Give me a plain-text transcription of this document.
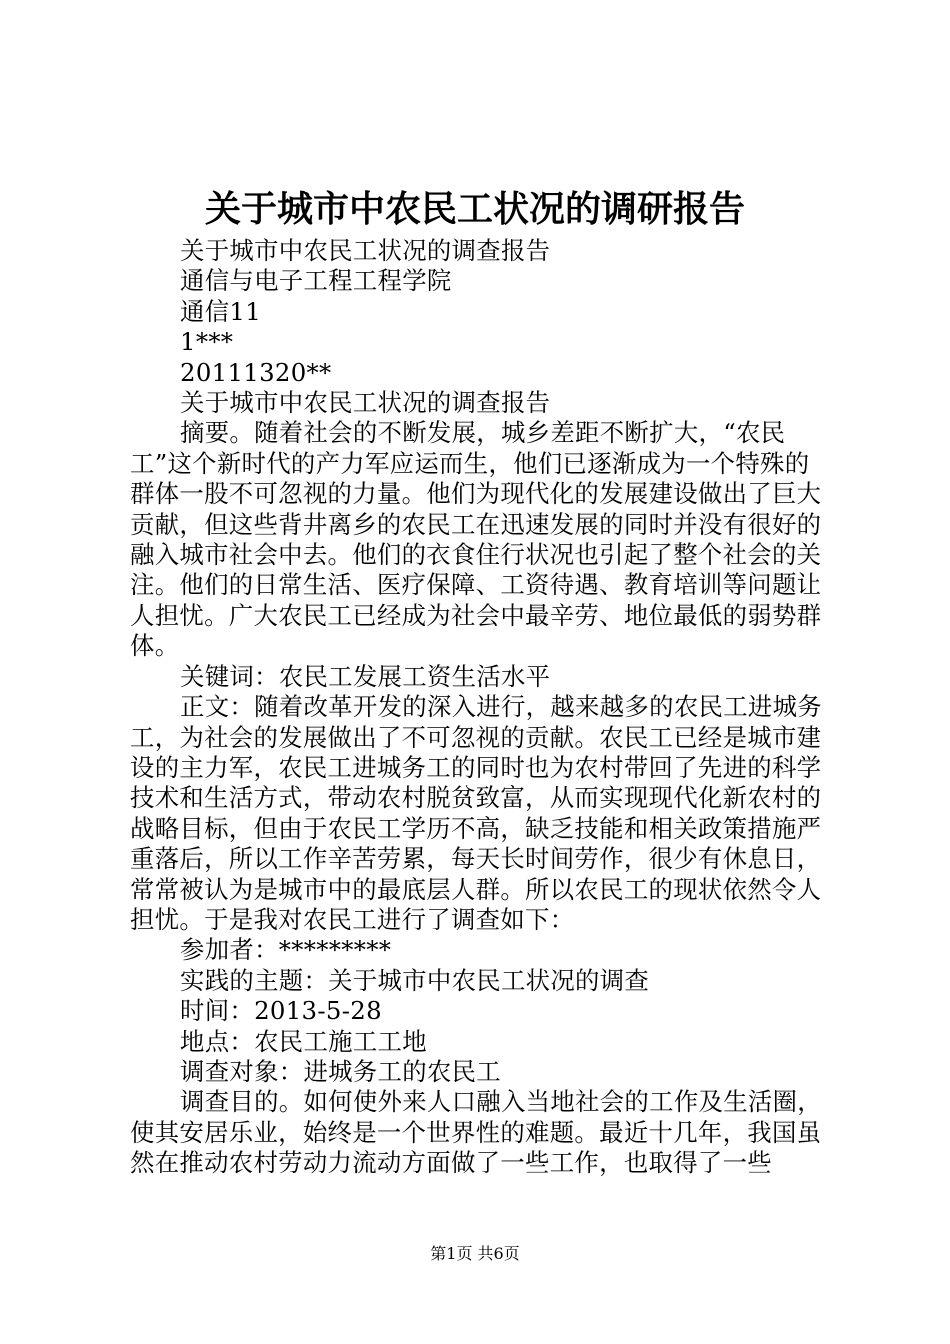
关于城市中农民工状况的调研报告

关于城市中农民工状况的调查报告

通信与电子工程工程学院

通信11

1***

20111320**

关于城市中农民工状况的调查报告

摘要。随着社会的不断发展，城乡差距不断扩大，“农民工”这个新时代的产力军应运而生，他们已逐渐成为一个特殊的群体一股不可忽视的力量。他们为现代化的发展建设做出了巨大贡献，但这些背井离乡的农民工在迅速发展的同时并没有很好的融入城市社会中去。他们的衣食住行状况也引起了整个社会的关注。他们的日常生活、医疗保障、工资待遇、教育培训等问题让人担忧。广大农民工已经成为社会中最辛劳、地位最低的弱势群体。

关键词：农民工发展工资生活水平

正文：随着改革开发的深入进行，越来越多的农民工进城务工，为社会的发展做出了不可忽视的贡献。农民工已经是城市建设的主力军，农民工进城务工的同时也为农村带回了先进的科学技术和生活方式，带动农村脱贫致富，从而实现现代化新农村的战略目标，但由于农民工学历不高，缺乏技能和相关政策措施严重落后，所以工作辛苦劳累，每天长时间劳作，很少有休息日，常常被认为是城市中的最底层人群。所以农民工的现状依然令人担忧。于是我对农民工进行了调查如下：

参加者：*********

实践的主题：关于城市中农民工状况的调查

时间：2013-5-28

地点：农民工施工工地

调查对象：进城务工的农民工

调查目的。如何使外来人口融入当地社会的工作及生活圈，使其安居乐业，始终是一个世界性的难题。最近十几年，我国虽然在推动农村劳动力流动方面做了一些工作，也取得了一些

第1页 共6页
